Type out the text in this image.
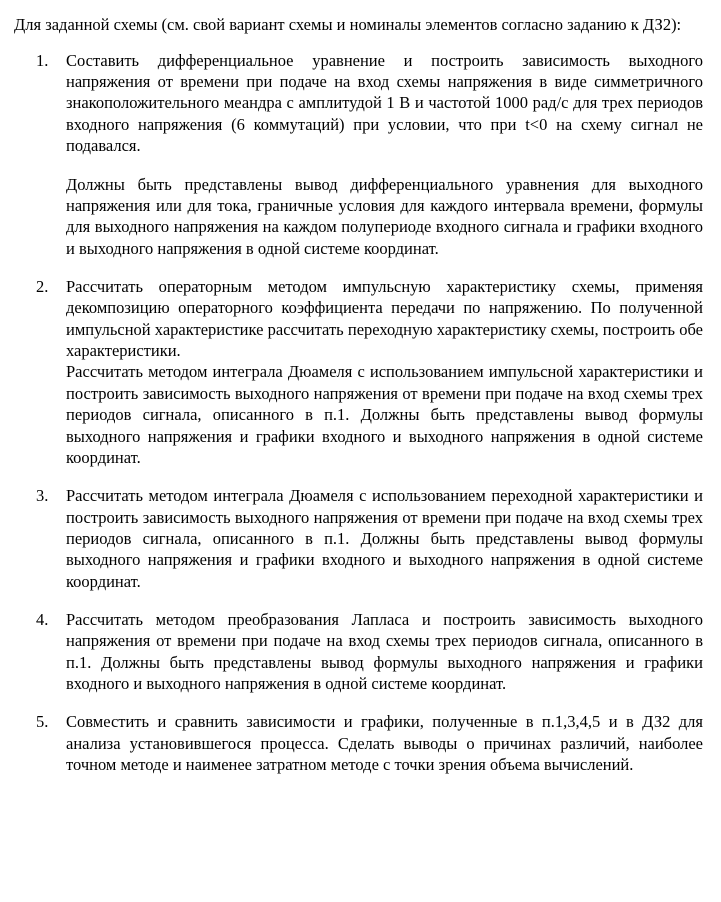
Для заданной схемы (см. свой вариант схемы и номиналы элементов согласно заданию к ДЗ2):

1.	Составить дифференциальное уравнение и построить зависимость выходного напряжения от времени при подаче на вход схемы напряжения в виде симметричного знакоположительного меандра с амплитудой 1 В и частотой 1000 рад/с для трех периодов входного напряжения (6 коммутаций) при условии, что при t<0 на схему сигнал не подавался.

Должны быть представлены вывод дифференциального уравнения для выходного напряжения или для тока, граничные условия для каждого интервала времени, формулы для выходного напряжения на каждом полупериоде входного сигнала и графики входного и выходного напряжения в одной системе координат.

2.	Рассчитать операторным методом импульсную характеристику схемы, применяя декомпозицию операторного коэффициента передачи по напряжению. По полученной импульсной характеристике рассчитать переходную характеристику схемы, построить обе характеристики.

Рассчитать методом интеграла Дюамеля с использованием импульсной характеристики и построить зависимость выходного напряжения от времени при подаче на вход схемы трех периодов сигнала, описанного в п.1. Должны быть представлены вывод формулы выходного напряжения и графики входного и выходного напряжения в одной системе координат.

3.	Рассчитать методом интеграла Дюамеля с использованием переходной характеристики и построить зависимость выходного напряжения от времени при подаче на вход схемы трех периодов сигнала, описанного в п.1. Должны быть представлены вывод формулы выходного напряжения и графики входного и выходного напряжения в одной системе координат.

4.	Рассчитать методом преобразования Лапласа и построить зависимость выходного напряжения от времени при подаче на вход схемы трех периодов сигнала, описанного в п.1. Должны быть представлены вывод формулы выходного напряжения и графики входного и выходного напряжения в одной системе координат.

5.	Совместить и сравнить зависимости и графики, полученные в п.1,3,4,5 и в ДЗ2 для анализа установившегося процесса. Сделать выводы о причинах различий, наиболее точном методе и наименее затратном методе с точки зрения объема вычислений.
